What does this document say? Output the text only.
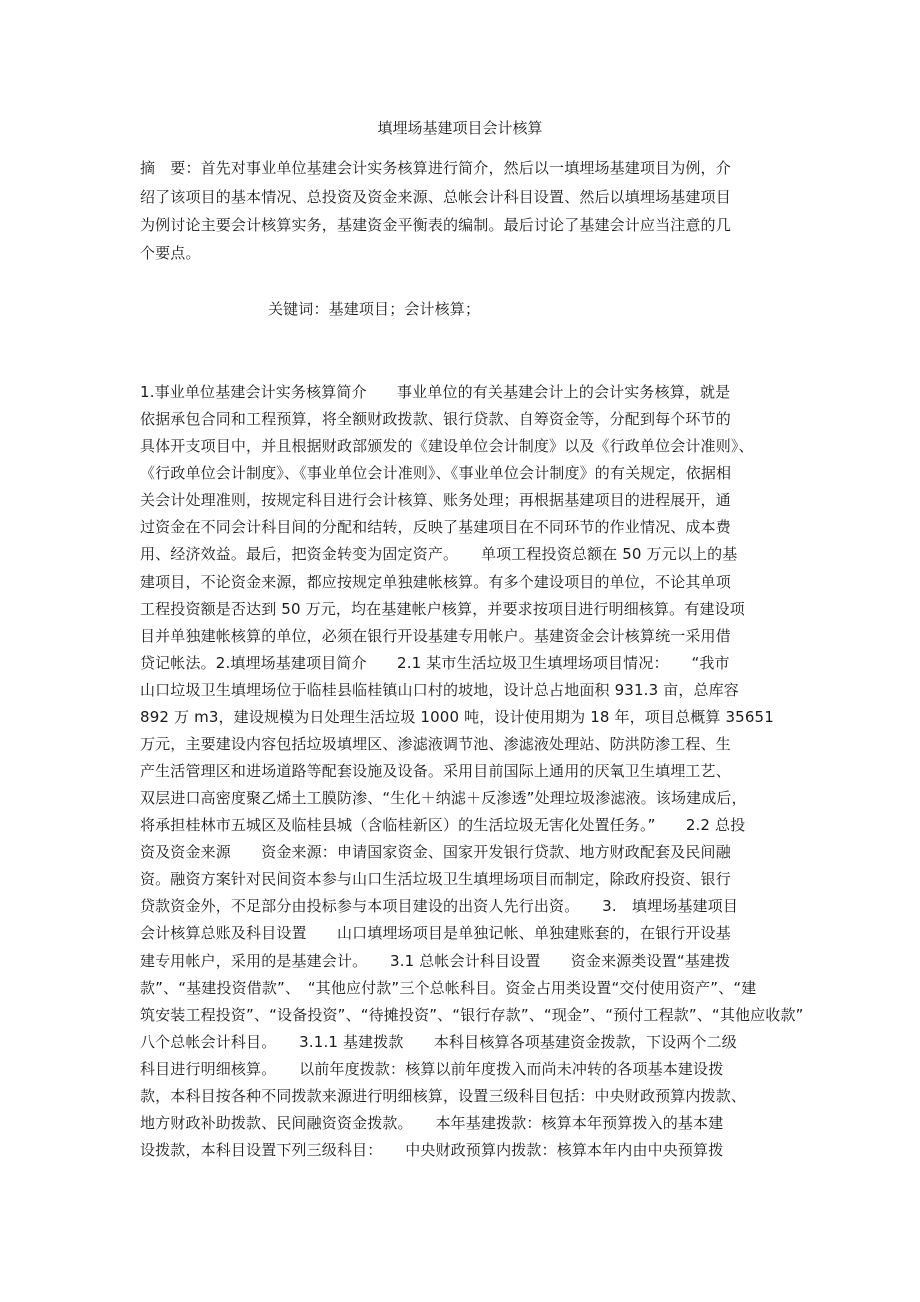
填埋场基建项目会计核算
摘　要：首先对事业单位基建会计实务核算进行简介，然后以一填埋场基建项目为例，介
绍了该项目的基本情况、总投资及资金来源、总帐会计科目设置、然后以填埋场基建项目
为例讨论主要会计核算实务，基建资金平衡表的编制。最后讨论了基建会计应当注意的几
个要点。
关键词：基建项目；会计核算；
1.事业单位基建会计实务核算简介　　事业单位的有关基建会计上的会计实务核算，就是
依据承包合同和工程预算，将全额财政拨款、银行贷款、自筹资金等，分配到每个环节的
具体开支项目中，并且根据财政部颁发的《建设单位会计制度》以及《行政单位会计准则》、
《行政单位会计制度》、《事业单位会计准则》、《事业单位会计制度》的有关规定，依据相
关会计处理准则，按规定科目进行会计核算、账务处理；再根据基建项目的进程展开，通
过资金在不同会计科目间的分配和结转，反映了基建项目在不同环节的作业情况、成本费
用、经济效益。最后，把资金转变为固定资产。　　单项工程投资总额在 50 万元以上的基
建项目，不论资金来源，都应按规定单独建帐核算。有多个建设项目的单位，不论其单项
工程投资额是否达到 50 万元，均在基建帐户核算，并要求按项目进行明细核算。有建设项
目并单独建帐核算的单位，必须在银行开设基建专用帐户。基建资金会计核算统一采用借
贷记帐法。2.填埋场基建项目简介　　2.1 某市生活垃圾卫生填埋场项目情况：　　“我市
山口垃圾卫生填埋场位于临桂县临桂镇山口村的坡地，设计总占地面积 931.3 亩，总库容
892 万 m3，建设规模为日处理生活垃圾 1000 吨，设计使用期为 18 年，项目总概算 35651
万元，主要建设内容包括垃圾填埋区、渗滤液调节池、渗滤液处理站、防洪防渗工程、生
产生活管理区和进场道路等配套设施及设备。采用目前国际上通用的厌氧卫生填埋工艺、
双层进口高密度聚乙烯土工膜防渗、“生化＋纳滤＋反渗透”处理垃圾渗滤液。该场建成后，
将承担桂林市五城区及临桂县城（含临桂新区）的生活垃圾无害化处置任务。”　　2.2 总投
资及资金来源　　资金来源：申请国家资金、国家开发银行贷款、地方财政配套及民间融
资。融资方案针对民间资本参与山口生活垃圾卫生填埋场项目而制定，除政府投资、银行
贷款资金外，不足部分由投标参与本项目建设的出资人先行出资。　　3.　填埋场基建项目
会计核算总账及科目设置　　山口填埋场项目是单独记帐、单独建账套的，在银行开设基
建专用帐户，采用的是基建会计。　　3.1 总帐会计科目设置　　资金来源类设置“基建拨
款”、“基建投资借款”、　“其他应付款”三个总帐科目。资金占用类设置“交付使用资产”、“建
筑安装工程投资”、“设备投资”、“待摊投资”、“银行存款”、“现金”、“预付工程款”、“其他应收款”
八个总帐会计科目。　　3.1.1 基建拨款　　本科目核算各项基建资金拨款，下设两个二级
科目进行明细核算。　　以前年度拨款：核算以前年度拨入而尚未冲转的各项基本建设拨
款，本科目按各种不同拨款来源进行明细核算，设置三级科目包括：中央财政预算内拨款、
地方财政补助拨款、民间融资资金拨款。　　本年基建拨款：核算本年预算拨入的基本建
设拨款，本科目设置下列三级科目：　　中央财政预算内拨款：核算本年内由中央预算拨
